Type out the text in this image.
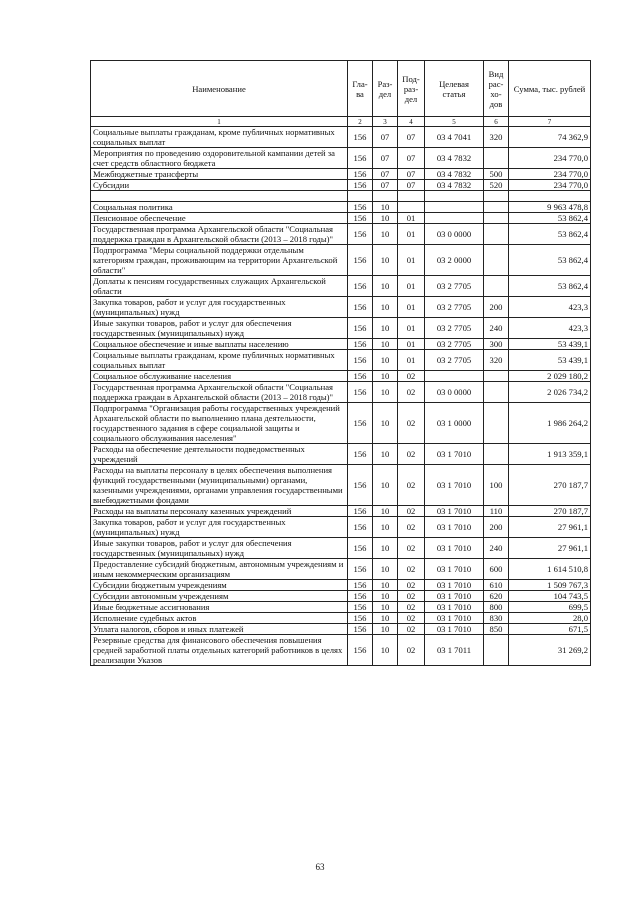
Наименование	Гла-ва	Раз-дел	Под-раз-дел	Целевая статья	Вид рас-хо-дов	Сумма, тыс. рублей
1	2	3	4	5	6	7
Социальные выплаты гражданам, кроме публичных нормативных социальных выплат	156	07	07	03 4 7041	320	74 362,9
Мероприятия по проведению оздоровительной кампании детей за счет средств областного бюджета	156	07	07	03 4 7832		234 770,0
Межбюджетные трансферты	156	07	07	03 4 7832	500	234 770,0
Субсидии	156	07	07	03 4 7832	520	234 770,0

Социальная политика	156	10				9 963 478,8
Пенсионное обеспечение	156	10	01			53 862,4
Государственная программа Архангельской области "Социальная поддержка граждан в Архангельской области (2013 – 2018 годы)"	156	10	01	03 0 0000		53 862,4
Подпрограмма "Меры социальной поддержки отдельным категориям граждан, проживающим на территории Архангельской области"	156	10	01	03 2 0000		53 862,4
Доплаты к пенсиям государственных служащих Архангельской области	156	10	01	03 2 7705		53 862,4
Закупка товаров, работ и услуг для государственных (муниципальных) нужд	156	10	01	03 2 7705	200	423,3
Иные закупки товаров, работ и услуг для обеспечения государственных (муниципальных) нужд	156	10	01	03 2 7705	240	423,3
Социальное обеспечение и иные выплаты населению	156	10	01	03 2 7705	300	53 439,1
Социальные выплаты гражданам, кроме публичных нормативных социальных выплат	156	10	01	03 2 7705	320	53 439,1
Социальное обслуживание населения	156	10	02			2 029 180,2
Государственная программа Архангельской области "Социальная поддержка граждан в Архангельской области (2013 – 2018 годы)"	156	10	02	03 0 0000		2 026 734,2
Подпрограмма "Организация работы государственных учреждений Архангельской области по выполнению плана деятельности, государственного задания в сфере социальной защиты и социального обслуживания населения"	156	10	02	03 1 0000		1 986 264,2
Расходы на обеспечение деятельности подведомственных учреждений	156	10	02	03 1 7010		1 913 359,1
Расходы на выплаты персоналу в целях обеспечения выполнения функций государственными (муниципальными) органами, казенными учреждениями, органами управления государственными внебюджетными фондами	156	10	02	03 1 7010	100	270 187,7
Расходы на выплаты персоналу казенных учреждений	156	10	02	03 1 7010	110	270 187,7
Закупка товаров, работ и услуг для государственных (муниципальных) нужд	156	10	02	03 1 7010	200	27 961,1
Иные закупки товаров, работ и услуг для обеспечения государственных (муниципальных) нужд	156	10	02	03 1 7010	240	27 961,1
Предоставление субсидий бюджетным, автономным учреждениям и иным некоммерческим организациям	156	10	02	03 1 7010	600	1 614 510,8
Субсидии бюджетным учреждениям	156	10	02	03 1 7010	610	1 509 767,3
Субсидии автономным учреждениям	156	10	02	03 1 7010	620	104 743,5
Иные бюджетные ассигнования	156	10	02	03 1 7010	800	699,5
Исполнение судебных актов	156	10	02	03 1 7010	830	28,0
Уплата налогов, сборов и иных платежей	156	10	02	03 1 7010	850	671,5
Резервные средства для финансового обеспечения повышения средней заработной платы отдельных категорий работников в целях реализации Указов	156	10	02	03 1 7011		31 269,2
63
